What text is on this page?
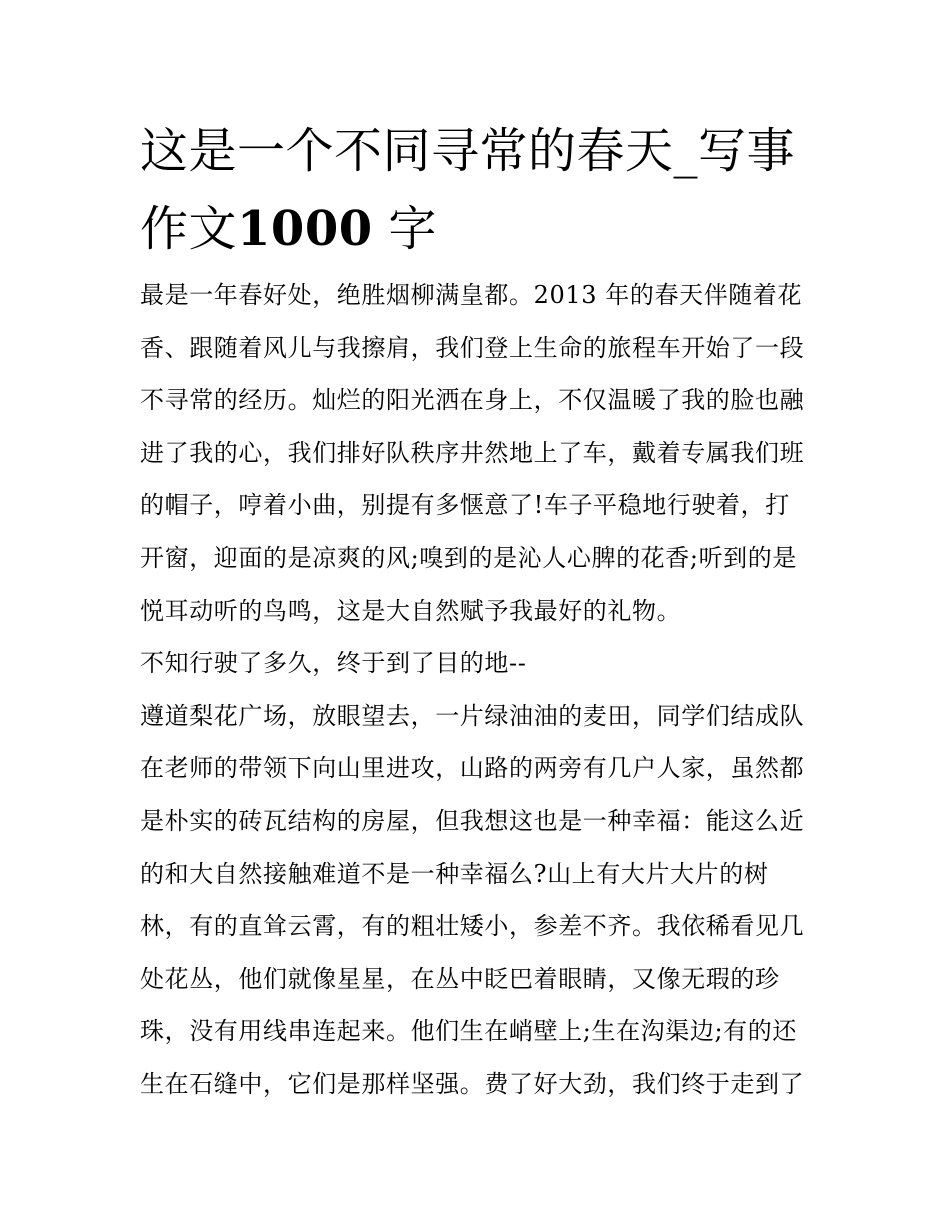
这是一个不同寻常的春天_写事
作文1000 字
最是一年春好处，绝胜烟柳满皇都。2013 年的春天伴随着花
香、跟随着风儿与我擦肩，我们登上生命的旅程车开始了一段
不寻常的经历。灿烂的阳光洒在身上，不仅温暖了我的脸也融
进了我的心，我们排好队秩序井然地上了车，戴着专属我们班
的帽子，哼着小曲，别提有多惬意了!车子平稳地行驶着，打
开窗，迎面的是凉爽的风;嗅到的是沁人心脾的花香;听到的是
悦耳动听的鸟鸣，这是大自然赋予我最好的礼物。
不知行驶了多久，终于到了目的地--
遵道梨花广场，放眼望去，一片绿油油的麦田，同学们结成队
在老师的带领下向山里进攻，山路的两旁有几户人家，虽然都
是朴实的砖瓦结构的房屋，但我想这也是一种幸福：能这么近
的和大自然接触难道不是一种幸福么?山上有大片大片的树
林，有的直耸云霄，有的粗壮矮小，参差不齐。我依稀看见几
处花丛，他们就像星星，在丛中眨巴着眼睛，又像无瑕的珍
珠，没有用线串连起来。他们生在峭壁上;生在沟渠边;有的还
生在石缝中，它们是那样坚强。费了好大劲，我们终于走到了
